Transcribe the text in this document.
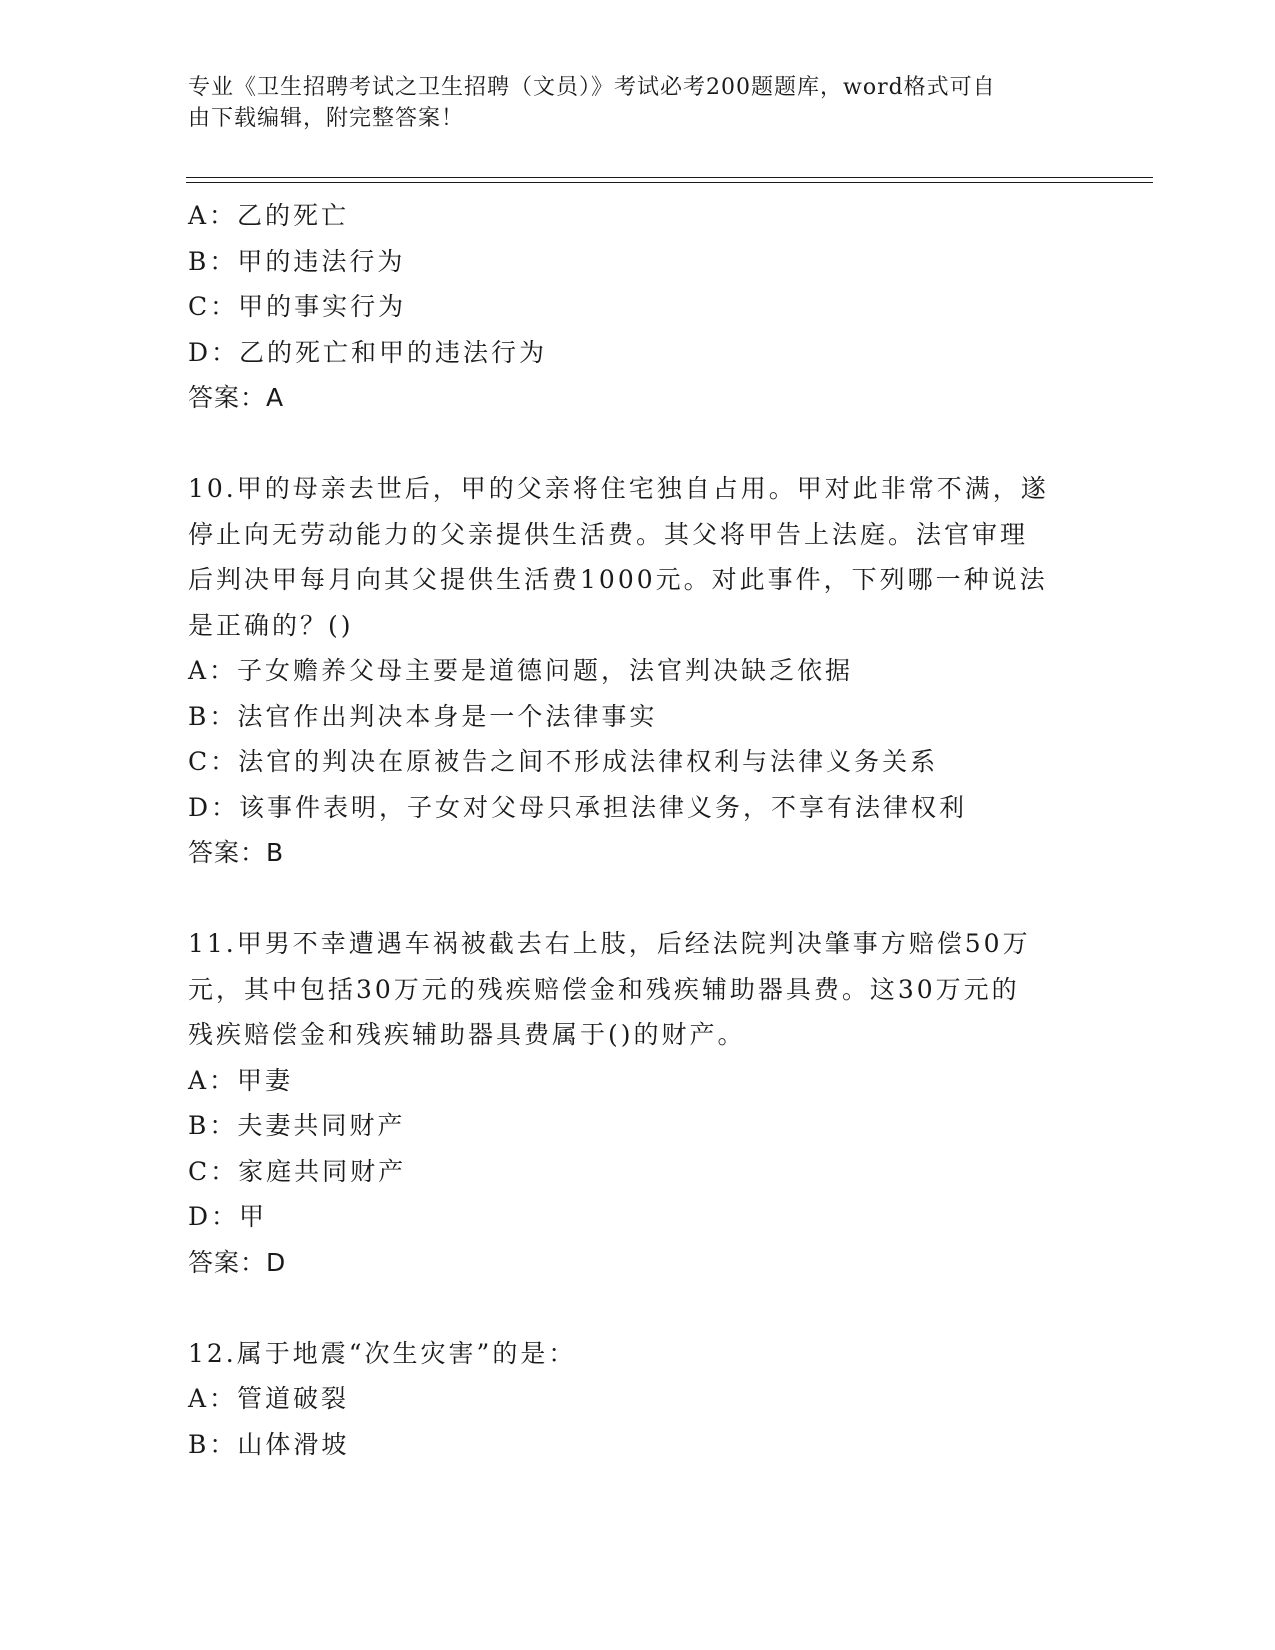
专业《卫生招聘考试之卫生招聘（文员）》考试必考200题题库，word格式可自
由下载编辑，附完整答案！
A：乙的死亡
B：甲的违法行为
C：甲的事实行为
D：乙的死亡和甲的违法行为
答案：A
10.甲的母亲去世后，甲的父亲将住宅独自占用。甲对此非常不满，遂
停止向无劳动能力的父亲提供生活费。其父将甲告上法庭。法官审理
后判决甲每月向其父提供生活费1000元。对此事件，下列哪一种说法
是正确的？()
A：子女赡养父母主要是道德问题，法官判决缺乏依据
B：法官作出判决本身是一个法律事实
C：法官的判决在原被告之间不形成法律权利与法律义务关系
D：该事件表明，子女对父母只承担法律义务，不享有法律权利
答案：B
11.甲男不幸遭遇车祸被截去右上肢，后经法院判决肇事方赔偿50万
元，其中包括30万元的残疾赔偿金和残疾辅助器具费。这30万元的
残疾赔偿金和残疾辅助器具费属于()的财产。
A：甲妻
B：夫妻共同财产
C：家庭共同财产
D：甲
答案：D
12.属于地震“次生灾害”的是：
A：管道破裂
B：山体滑坡
